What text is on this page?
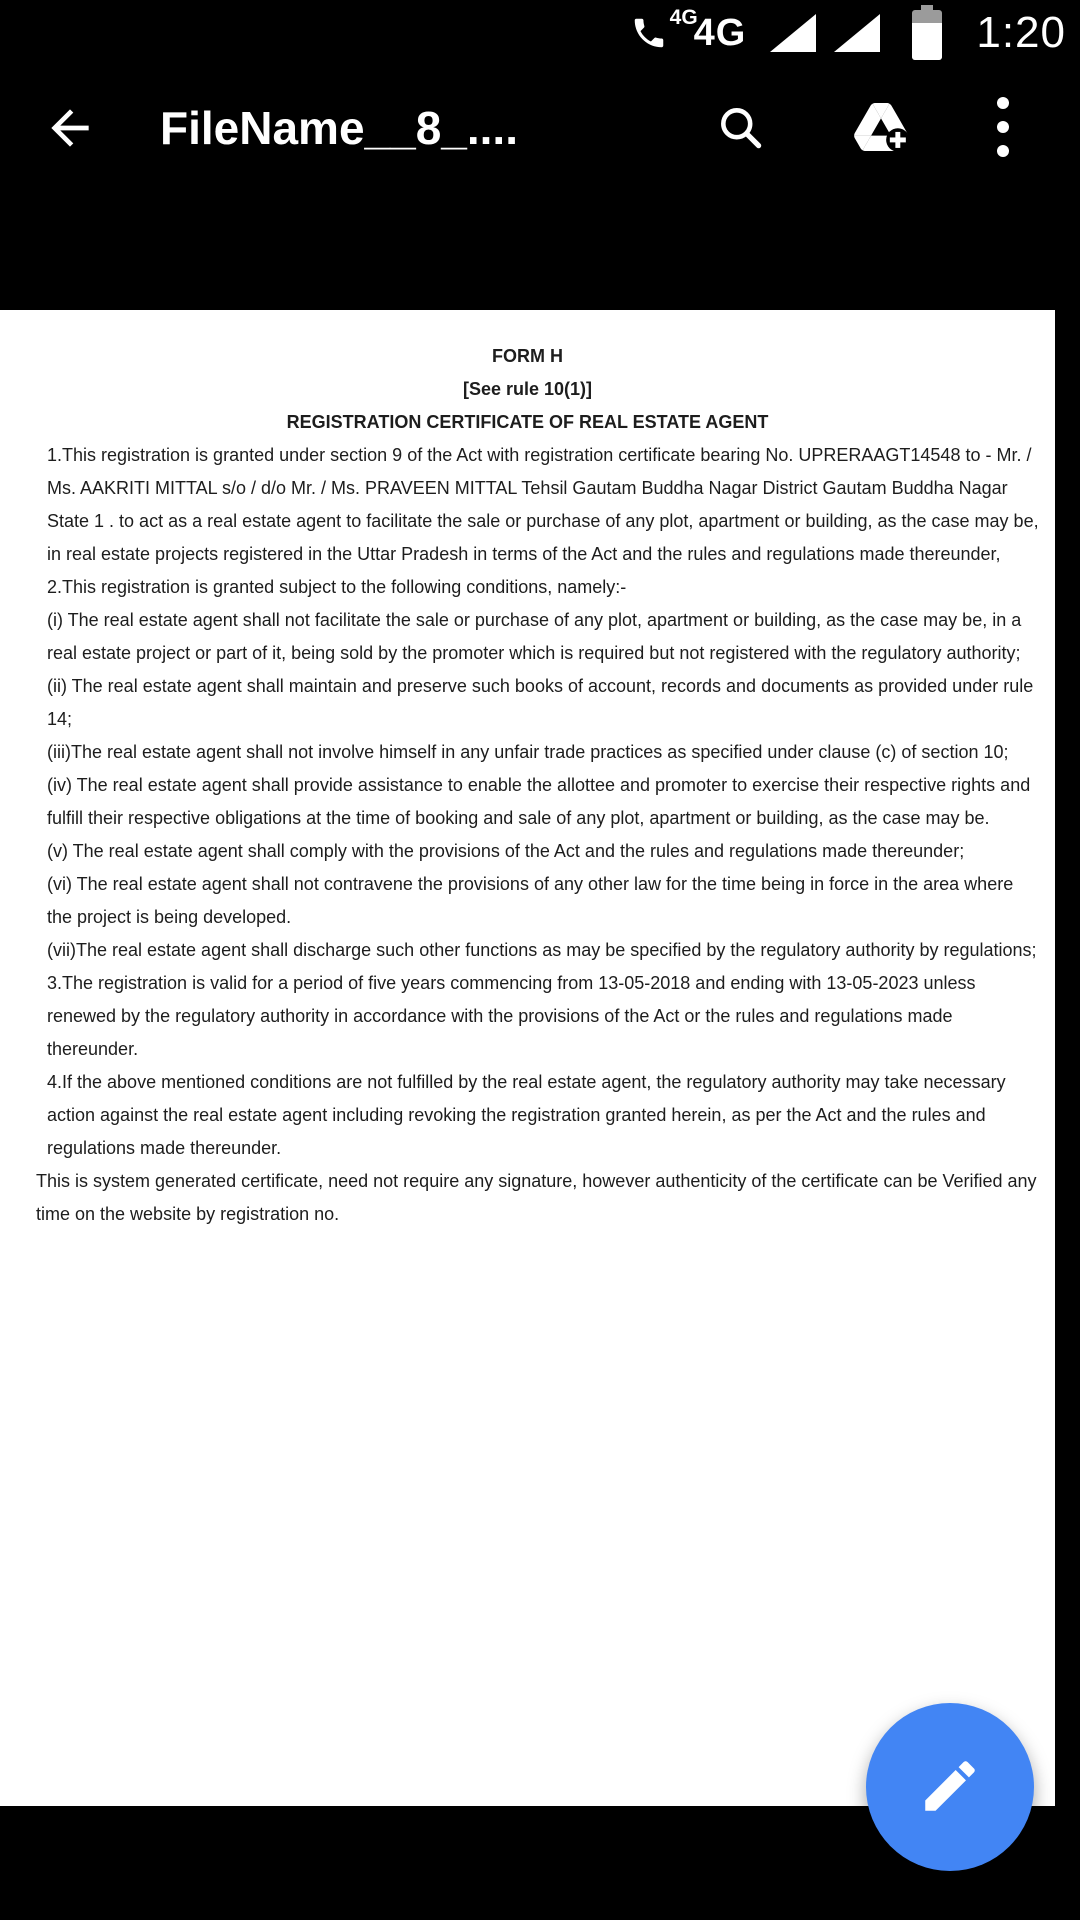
4G
4G	1:20
FileName__8_....
FORM H
[See rule 10(1)]
REGISTRATION CERTIFICATE OF REAL ESTATE AGENT

1.This registration is granted under section 9 of the Act with registration certificate bearing No. UPRERAAGT14548 to - Mr. / Ms. AAKRITI MITTAL s/o / d/o Mr. / Ms. PRAVEEN MITTAL Tehsil Gautam Buddha Nagar District Gautam Buddha Nagar State 1 . to act as a real estate agent to facilitate the sale or purchase of any plot, apartment or building, as the case may be, in real estate projects registered in the Uttar Pradesh in terms of the Act and the rules and regulations made thereunder,

2.This registration is granted subject to the following conditions, namely:-

(i) The real estate agent shall not facilitate the sale or purchase of any plot, apartment or building, as the case may be, in a real estate project or part of it, being sold by the promoter which is required but not registered with the regulatory authority;

(ii) The real estate agent shall maintain and preserve such books of account, records and documents as provided under rule 14;

(iii)The real estate agent shall not involve himself in any unfair trade practices as specified under clause (c) of section 10;

(iv) The real estate agent shall provide assistance to enable the allottee and promoter to exercise their respective rights and fulfill their respective obligations at the time of booking and sale of any plot, apartment or building, as the case may be.

(v) The real estate agent shall comply with the provisions of the Act and the rules and regulations made thereunder;

(vi) The real estate agent shall not contravene the provisions of any other law for the time being in force in the area where the project is being developed.

(vii)The real estate agent shall discharge such other functions as may be specified by the regulatory authority by regulations;

3.The registration is valid for a period of five years commencing from 13-05-2018 and ending with 13-05-2023 unless renewed by the regulatory authority in accordance with the provisions of the Act or the rules and regulations made thereunder.

4.If the above mentioned conditions are not fulfilled by the real estate agent, the regulatory authority may take necessary action against the real estate agent including revoking the registration granted herein, as per the Act and the rules and regulations made thereunder.

This is system generated certificate, need not require any signature, however authenticity of the certificate can be Verified any time on the website by registration no.
